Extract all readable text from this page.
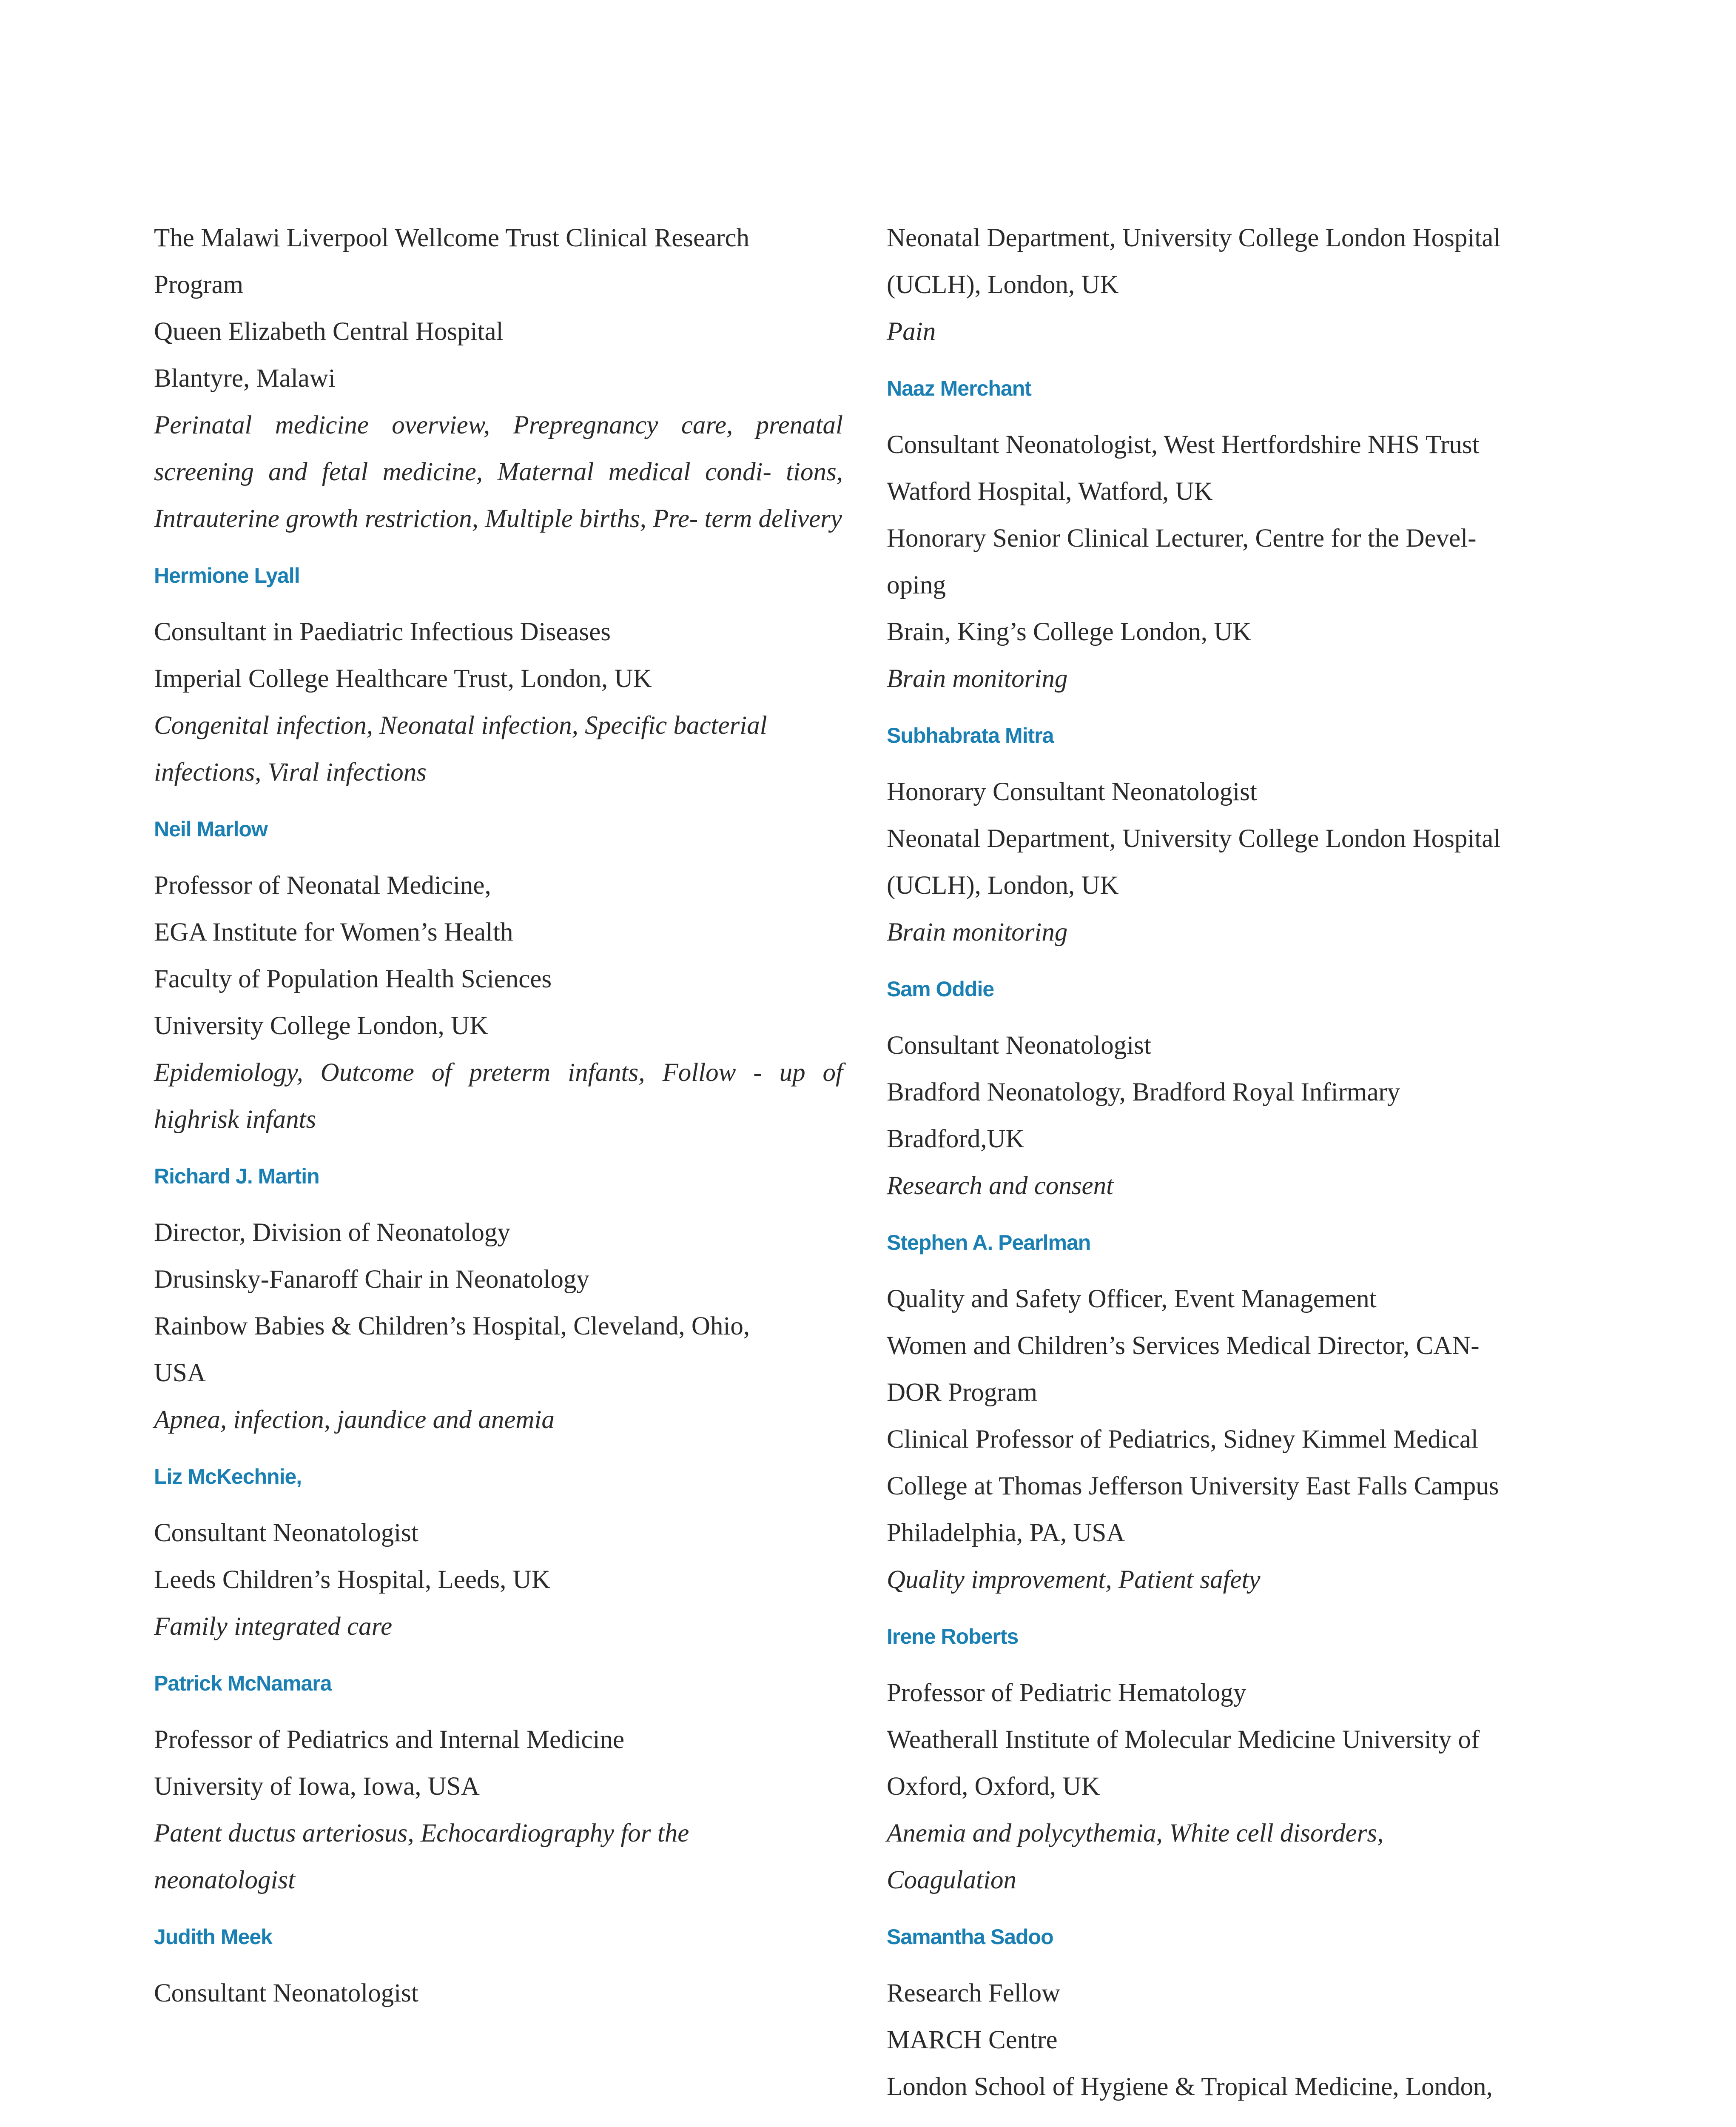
The Malawi Liverpool Wellcome Trust Clinical Research
Program
Queen Elizabeth Central Hospital
Blantyre, Malawi
Perinatal medicine overview, Prepregnancy care, prenatal screening and fetal medicine, Maternal medical condi- tions, Intrauterine growth restriction, Multiple births, Pre- term delivery
Hermione Lyall
Consultant in Paediatric Infectious Diseases
Imperial College Healthcare Trust, London, UK
Congenital infection, Neonatal infection, Specific bacterial infections, Viral infections
Neil Marlow
Professor of Neonatal Medicine,
EGA Institute for Women’s Health
Faculty of Population Health Sciences
University College London, UK
Epidemiology, Outcome of preterm infants, Follow - up of highrisk infants
Richard J. Martin
Director, Division of Neonatology
Drusinsky-Fanaroff Chair in Neonatology
Rainbow Babies & Children’s Hospital, Cleveland, Ohio,
USA
Apnea, infection, jaundice and anemia
Liz McKechnie,
Consultant Neonatologist
Leeds Children’s Hospital, Leeds, UK
Family integrated care
Patrick McNamara
Professor of Pediatrics and Internal Medicine
University of Iowa, Iowa, USA
Patent ductus arteriosus, Echocardiography for the neonatologist
Judith Meek
Consultant Neonatologist
Neonatal Department, University College London Hospital
(UCLH), London, UK
Pain
Naaz Merchant
Consultant Neonatologist, West Hertfordshire NHS Trust
Watford Hospital, Watford, UK
Honorary Senior Clinical Lecturer, Centre for the Devel-
oping
Brain, King’s College London, UK
Brain monitoring
Subhabrata Mitra
Honorary Consultant Neonatologist
Neonatal Department, University College London Hospital
(UCLH), London, UK
Brain monitoring
Sam Oddie
Consultant Neonatologist
Bradford Neonatology, Bradford Royal Infirmary
Bradford,UK
Research and consent
Stephen A. Pearlman
Quality and Safety Officer, Event Management
Women and Children’s Services Medical Director, CAN-
DOR Program
Clinical Professor of Pediatrics, Sidney Kimmel Medical
College at Thomas Jefferson University East Falls Campus
Philadelphia, PA, USA
Quality improvement, Patient safety
Irene Roberts
Professor of Pediatric Hematology
Weatherall Institute of Molecular Medicine University of
Oxford, Oxford, UK
Anemia and polycythemia, White cell disorders,
Coagulation
Samantha Sadoo
Research Fellow
MARCH Centre
London School of Hygiene & Tropical Medicine, London,
